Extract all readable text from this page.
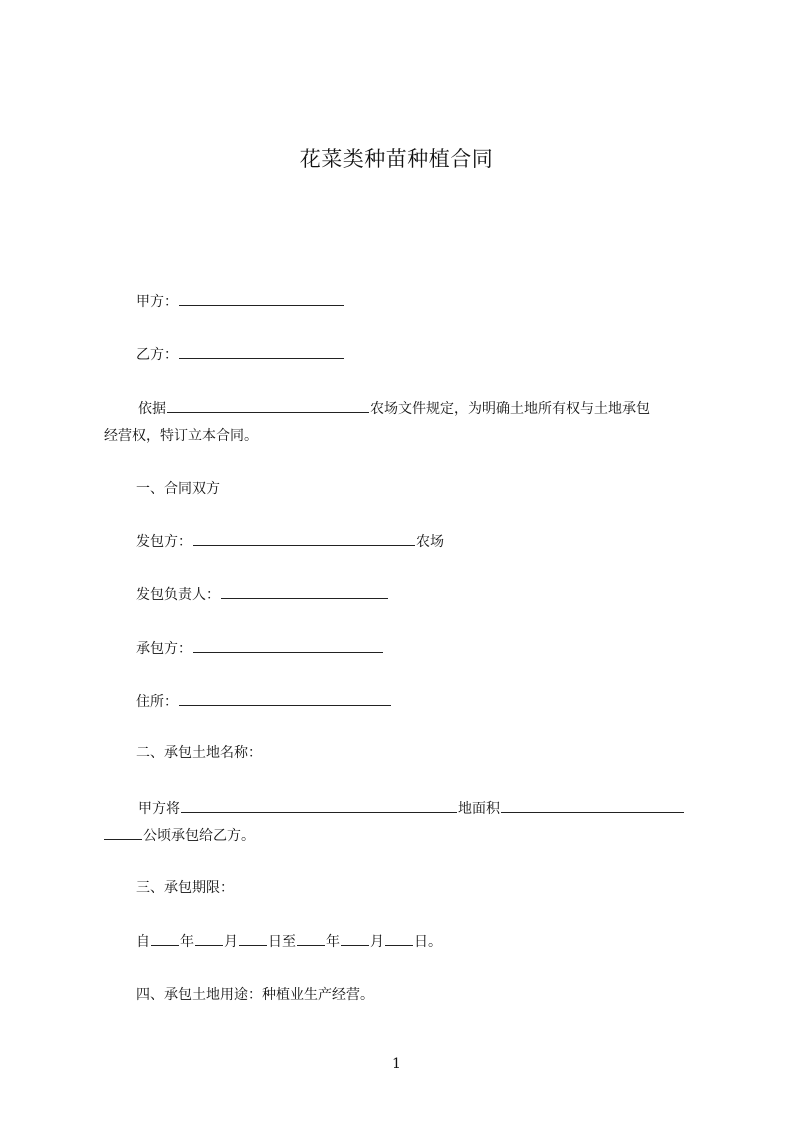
花菜类种苗种植合同
甲方：
乙方：
依据	农场文件规定，为明确土地所有权与土地承包
经营权，特订立本合同。
一、合同双方
发包方：	农场
发包负责人：
承包方：
住所：
二、承包土地名称：
甲方将	地面积
公顷承包给乙方。
三、承包期限：
自 年 月 日至 年 月 日。
四、承包土地用途：种植业生产经营。
1
